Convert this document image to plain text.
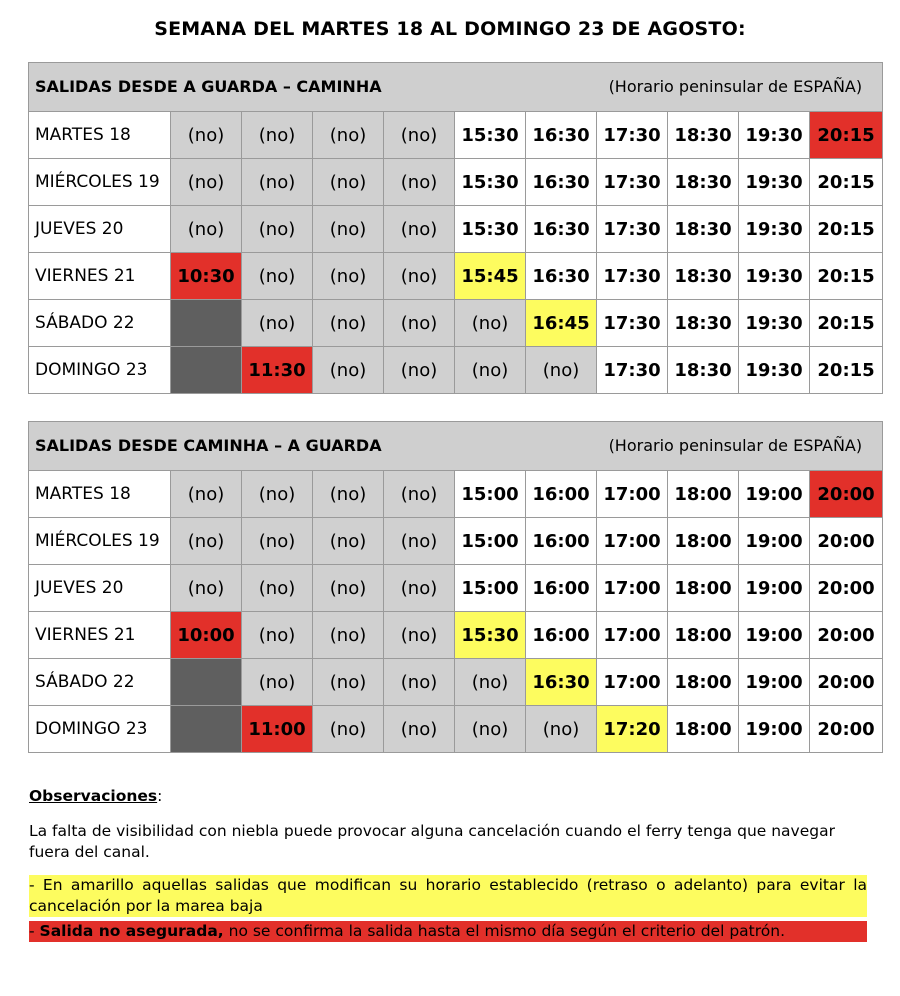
SEMANA DEL MARTES 18 AL DOMINGO 23 DE AGOSTO:
SALIDAS DESDE A GUARDA – CAMINHA (Horario peninsular de ESPAÑA)										

MARTES 18	(no)	(no)	(no)	(no)	15:30	16:30	17:30	18:30	19:30	20:15
MIÉRCOLES 19	(no)	(no)	(no)	(no)	15:30	16:30	17:30	18:30	19:30	20:15
JUEVES 20	(no)	(no)	(no)	(no)	15:30	16:30	17:30	18:30	19:30	20:15
VIERNES 21	10:30	(no)	(no)	(no)	15:45	16:30	17:30	18:30	19:30	20:15
SÁBADO 22		(no)	(no)	(no)	(no)	16:45	17:30	18:30	19:30	20:15
DOMINGO 23		11:30	(no)	(no)	(no)	(no)	17:30	18:30	19:30	20:15
SALIDAS DESDE CAMINHA – A GUARDA (Horario peninsular de ESPAÑA)										

MARTES 18	(no)	(no)	(no)	(no)	15:00	16:00	17:00	18:00	19:00	20:00
MIÉRCOLES 19	(no)	(no)	(no)	(no)	15:00	16:00	17:00	18:00	19:00	20:00
JUEVES 20	(no)	(no)	(no)	(no)	15:00	16:00	17:00	18:00	19:00	20:00
VIERNES 21	10:00	(no)	(no)	(no)	15:30	16:00	17:00	18:00	19:00	20:00
SÁBADO 22		(no)	(no)	(no)	(no)	16:30	17:00	18:00	19:00	20:00
DOMINGO 23		11:00	(no)	(no)	(no)	(no)	17:20	18:00	19:00	20:00
Observaciones:

La falta de visibilidad con niebla puede provocar alguna cancelación cuando el ferry tenga que navegar fuera del canal.

- En amarillo aquellas salidas que modifican su horario establecido (retraso o adelanto) para evitar la cancelación por la marea baja

- Salida no asegurada, no se confirma la salida hasta el mismo día según el criterio del patrón.
